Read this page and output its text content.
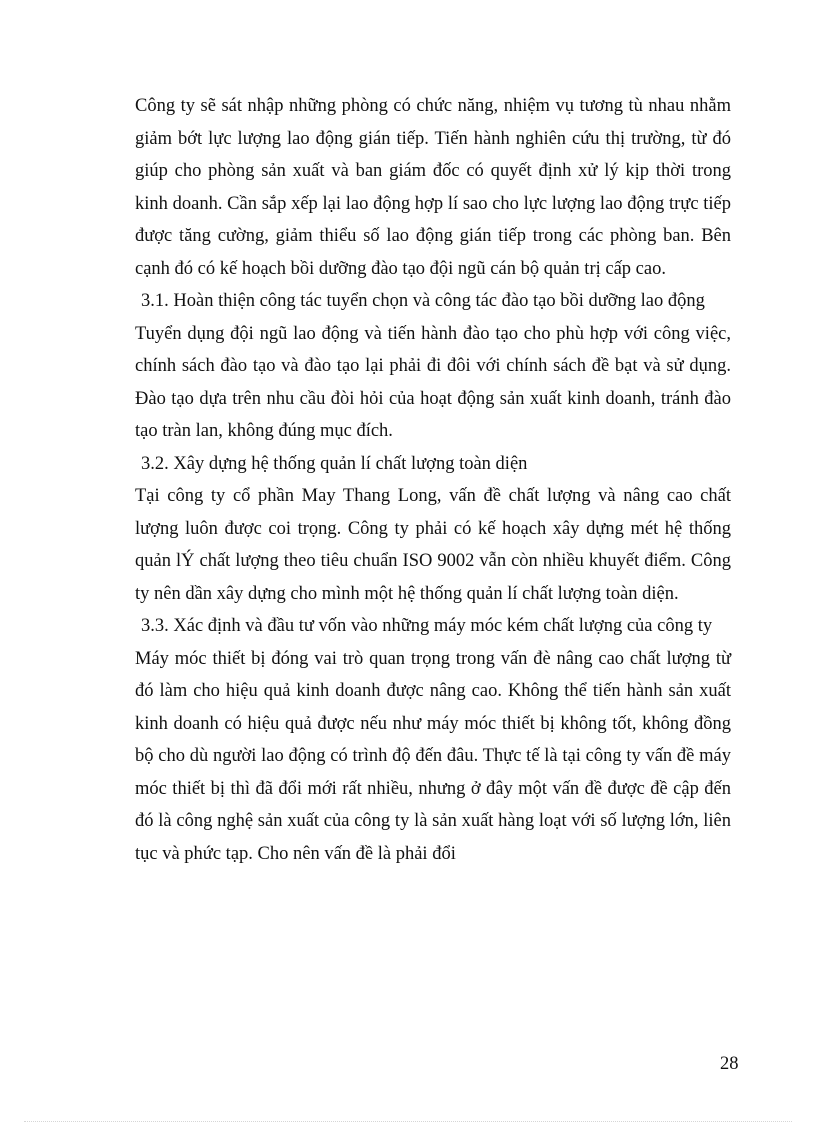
Công ty sẽ sát nhập những phòng có chức năng, nhiệm vụ tương tù nhau nhằm giảm bớt lực lượng lao động gián tiếp. Tiến hành nghiên cứu thị trường, từ đó giúp cho phòng sản xuất và ban giám đốc có quyết định xử lý kịp thời trong kinh doanh. Cần sắp xếp lại lao động hợp lí sao cho lực lượng lao động trực tiếp được tăng cường, giảm thiểu số lao động gián tiếp trong các phòng ban. Bên cạnh đó có kế hoạch bồi dưỡng đào tạo đội ngũ cán bộ quản trị cấp cao.

3.1. Hoàn thiện công tác tuyển chọn và công tác đào tạo bồi dưỡng lao động

Tuyển dụng đội ngũ lao động và tiến hành đào tạo cho phù hợp với công việc, chính sách đào tạo và đào tạo lại phải đi đôi với chính sách đề bạt và sử dụng. Đào tạo dựa trên nhu cầu đòi hỏi của hoạt động sản xuất kinh doanh, tránh đào tạo tràn lan, không đúng mục đích.

3.2. Xây dựng hệ thống quản lí chất lượng toàn diện

Tại công ty cổ phần May Thang Long, vấn đề chất lượng và nâng cao chất lượng luôn được coi trọng. Công ty phải có kế hoạch xây dựng mét hệ thống quản lÝ chất lượng theo tiêu chuẩn ISO 9002 vẫn còn nhiều khuyết điểm. Công ty nên dần xây dựng cho mình một hệ thống quản lí chất lượng toàn diện.

3.3. Xác định và đầu tư vốn vào những máy móc kém chất lượng của công ty

Máy móc thiết bị đóng vai trò quan trọng trong vấn đè nâng cao chất lượng từ đó làm cho hiệu quả kinh doanh được nâng cao. Không thể tiến hành sản xuất kinh doanh có hiệu quả được nếu như máy móc thiết bị không tốt, không đồng bộ cho dù người lao động có trình độ đến đâu. Thực tế là tại công ty vấn đề máy móc thiết bị thì đã đổi mới rất nhiều, nhưng ở đây một vấn đề được đề cập đến đó là công nghệ sản xuất của công ty là sản xuất hàng loạt với số lượng lớn, liên tục và phức tạp. Cho nên vấn đề là phải đổi

28
